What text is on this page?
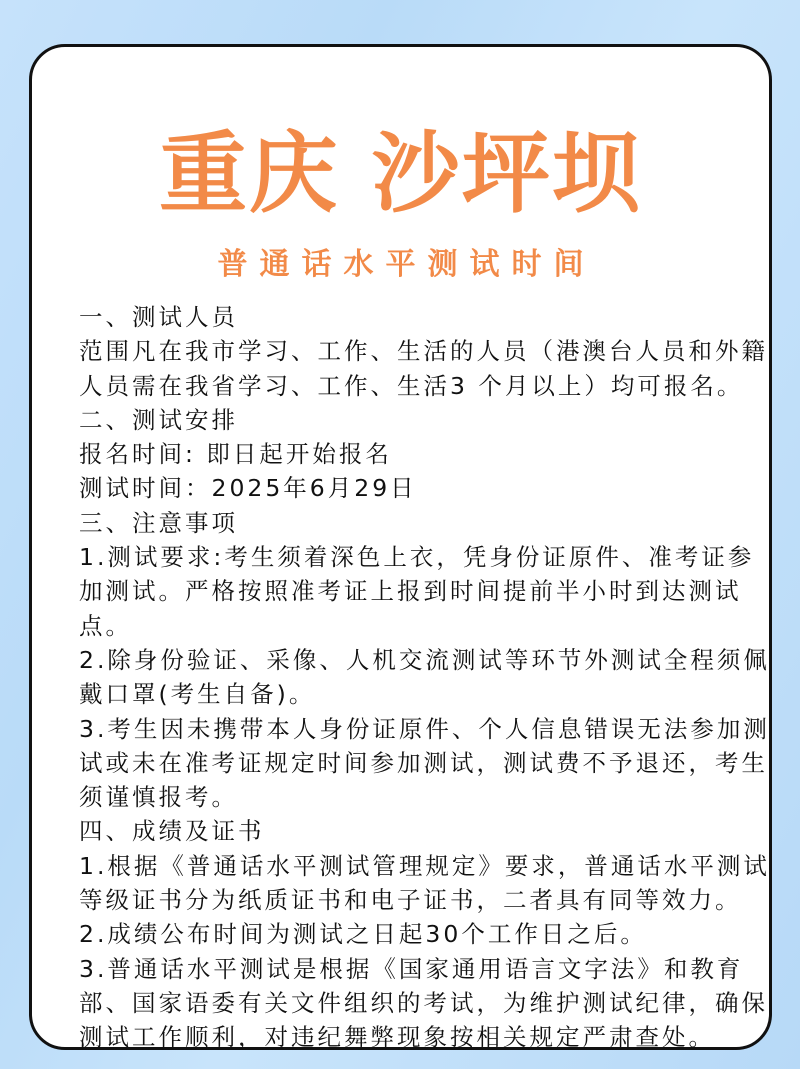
重庆 沙坪坝
普通话水平测试时间
一、测试人员
范围凡在我市学习、工作、生活的人员（港澳台人员和外籍
人员需在我省学习、工作、生活3 个月以上）均可报名。
二、测试安排
报名时间: 即日起开始报名
测试时间：2025年6月29日
三、注意事项
1.测试要求:考生须着深色上衣，凭身份证原件、准考证参
加测试。严格按照准考证上报到时间提前半小时到达测试
点。
2.除身份验证、采像、人机交流测试等环节外测试全程须佩
戴口罩(考生自备)。
3.考生因未携带本人身份证原件、个人信息错误无法参加测
试或未在准考证规定时间参加测试，测试费不予退还，考生
须谨慎报考。
四、成绩及证书
1.根据《普通话水平测试管理规定》要求，普通话水平测试
等级证书分为纸质证书和电子证书，二者具有同等效力。
2.成绩公布时间为测试之日起30个工作日之后。
3.普通话水平测试是根据《国家通用语言文字法》和教育
部、国家语委有关文件组织的考试，为维护测试纪律，确保
测试工作顺利，对违纪舞弊现象按相关规定严肃查处。
